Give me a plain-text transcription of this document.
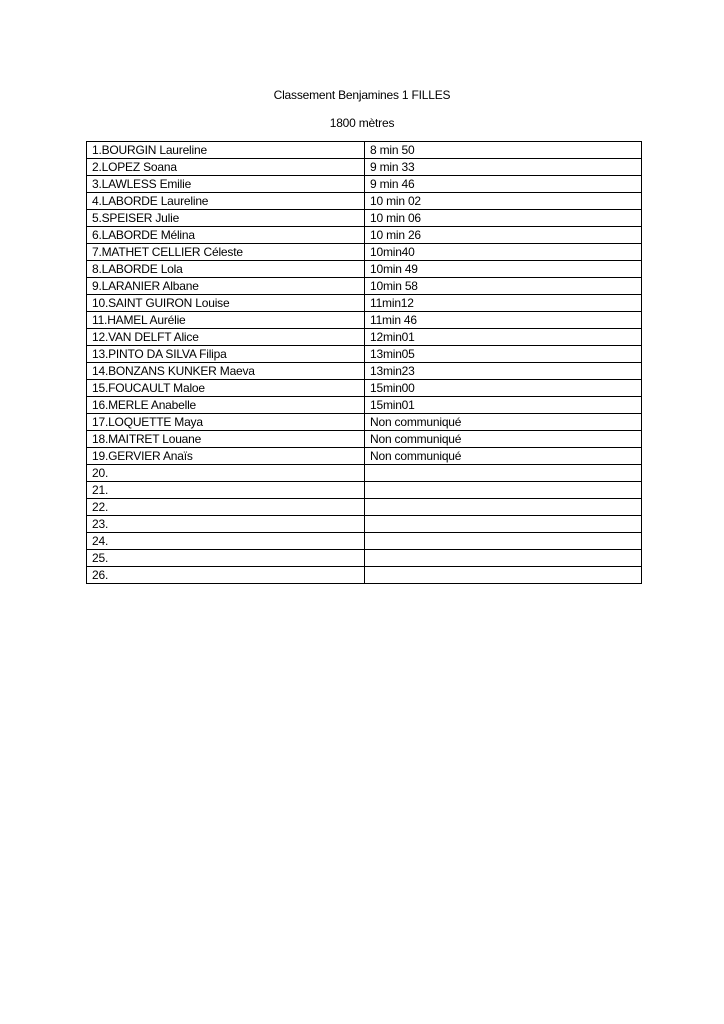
Classement Benjamines 1 FILLES
1800 mètres
1.BOURGIN Laureline	8 min 50
2.LOPEZ Soana	9 min 33
3.LAWLESS Emilie	9 min 46
4.LABORDE Laureline	10 min 02
5.SPEISER Julie	10 min 06
6.LABORDE Mélina	10 min 26
7.MATHET CELLIER Céleste	10min40
8.LABORDE Lola	10min 49
9.LARANIER Albane	10min 58
10.SAINT GUIRON Louise	11min12
11.HAMEL Aurélie	11min 46
12.VAN DELFT Alice	12min01
13.PINTO DA SILVA Filipa	13min05
14.BONZANS KUNKER Maeva	13min23
15.FOUCAULT Maloe	15min00
16.MERLE Anabelle	15min01
17.LOQUETTE Maya	Non communiqué
18.MAITRET Louane	Non communiqué
19.GERVIER Anaïs	Non communiqué
20.	
21.	
22.	
23.	
24.	
25.	
26.	
